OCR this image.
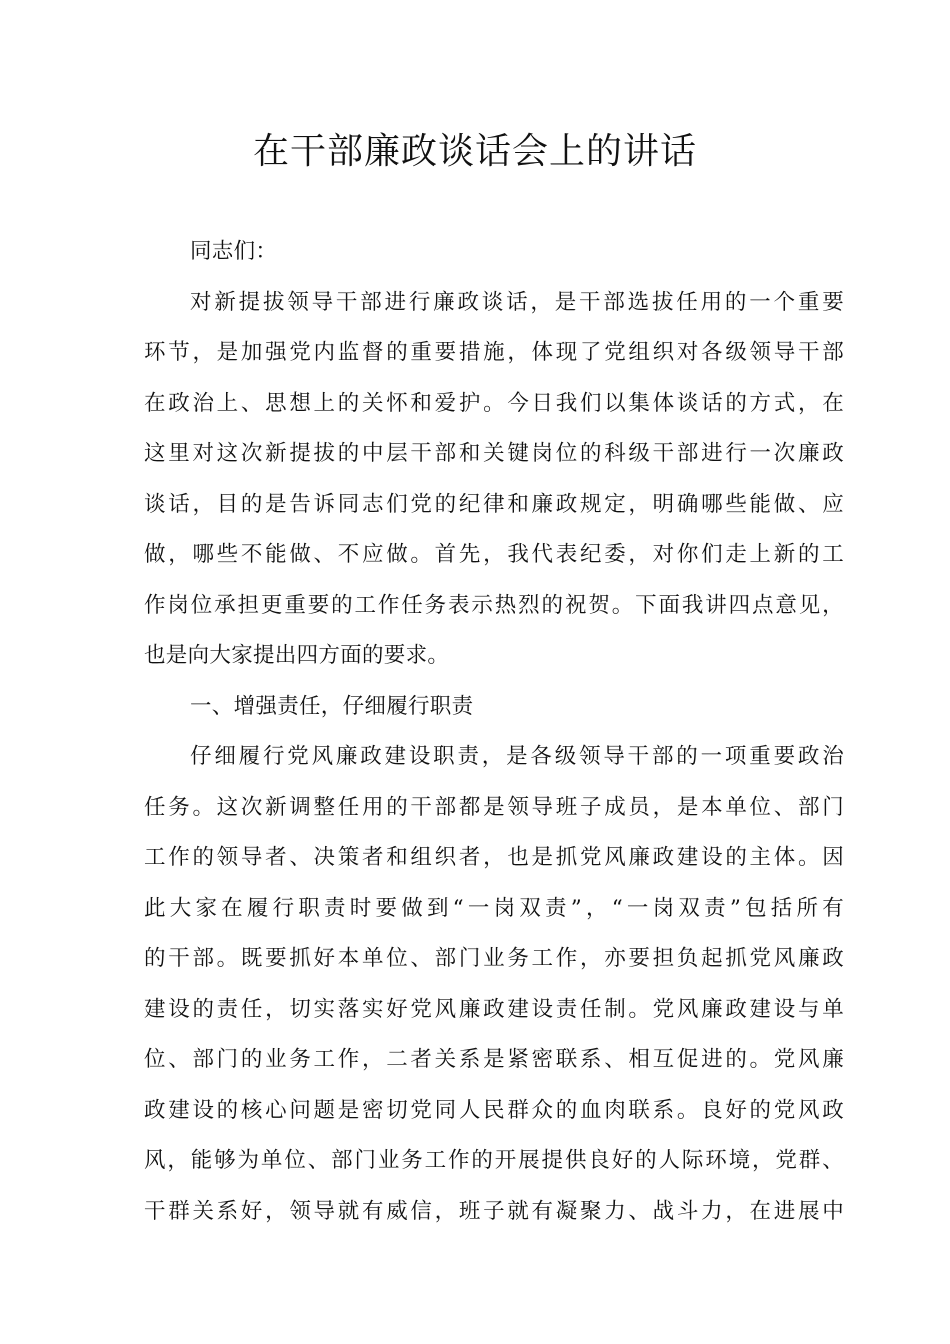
在干部廉政谈话会上的讲话
同志们：
对新提拔领导干部进行廉政谈话，是干部选拔任用的一个重要
环节，是加强党内监督的重要措施，体现了党组织对各级领导干部
在政治上、思想上的关怀和爱护。今日我们以集体谈话的方式，在
这里对这次新提拔的中层干部和关键岗位的科级干部进行一次廉政
谈话，目的是告诉同志们党的纪律和廉政规定，明确哪些能做、应
做，哪些不能做、不应做。首先，我代表纪委，对你们走上新的工
作岗位承担更重要的工作任务表示热烈的祝贺。下面我讲四点意见，
也是向大家提出四方面的要求。
一、增强责任，仔细履行职责
仔细履行党风廉政建设职责，是各级领导干部的一项重要政治
任务。这次新调整任用的干部都是领导班子成员，是本单位、部门
工作的领导者、决策者和组织者，也是抓党风廉政建设的主体。因
此大家在履行职责时要做到“一岗双责”，“一岗双责”包括所有
的干部。既要抓好本单位、部门业务工作，亦要担负起抓党风廉政
建设的责任，切实落实好党风廉政建设责任制。党风廉政建设与单
位、部门的业务工作，二者关系是紧密联系、相互促进的。党风廉
政建设的核心问题是密切党同人民群众的血肉联系。良好的党风政
风，能够为单位、部门业务工作的开展提供良好的人际环境，党群、
干群关系好，领导就有威信，班子就有凝聚力、战斗力，在进展中
